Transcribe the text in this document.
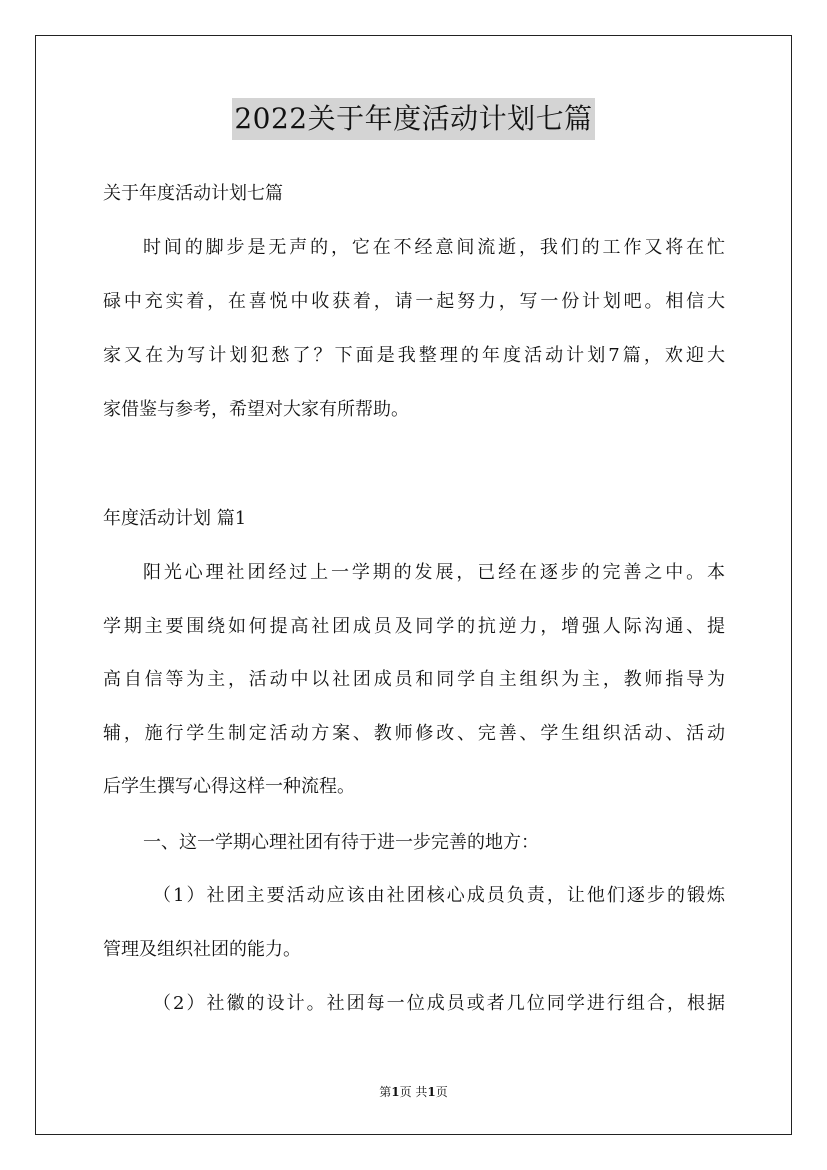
2022关于年度活动计划七篇
关于年度活动计划七篇
时间的脚步是无声的，它在不经意间流逝，我们的工作又将在忙
碌中充实着，在喜悦中收获着，请一起努力，写一份计划吧。相信大
家又在为写计划犯愁了？下面是我整理的年度活动计划7篇，欢迎大
家借鉴与参考，希望对大家有所帮助。
年度活动计划 篇1
阳光心理社团经过上一学期的发展，已经在逐步的完善之中。本
学期主要围绕如何提高社团成员及同学的抗逆力，增强人际沟通、提
高自信等为主，活动中以社团成员和同学自主组织为主，教师指导为
辅，施行学生制定活动方案、教师修改、完善、学生组织活动、活动
后学生撰写心得这样一种流程。
一、这一学期心理社团有待于进一步完善的地方：
（1）社团主要活动应该由社团核心成员负责，让他们逐步的锻炼
管理及组织社团的能力。
（2）社徽的设计。社团每一位成员或者几位同学进行组合，根据
第1页 共1页
